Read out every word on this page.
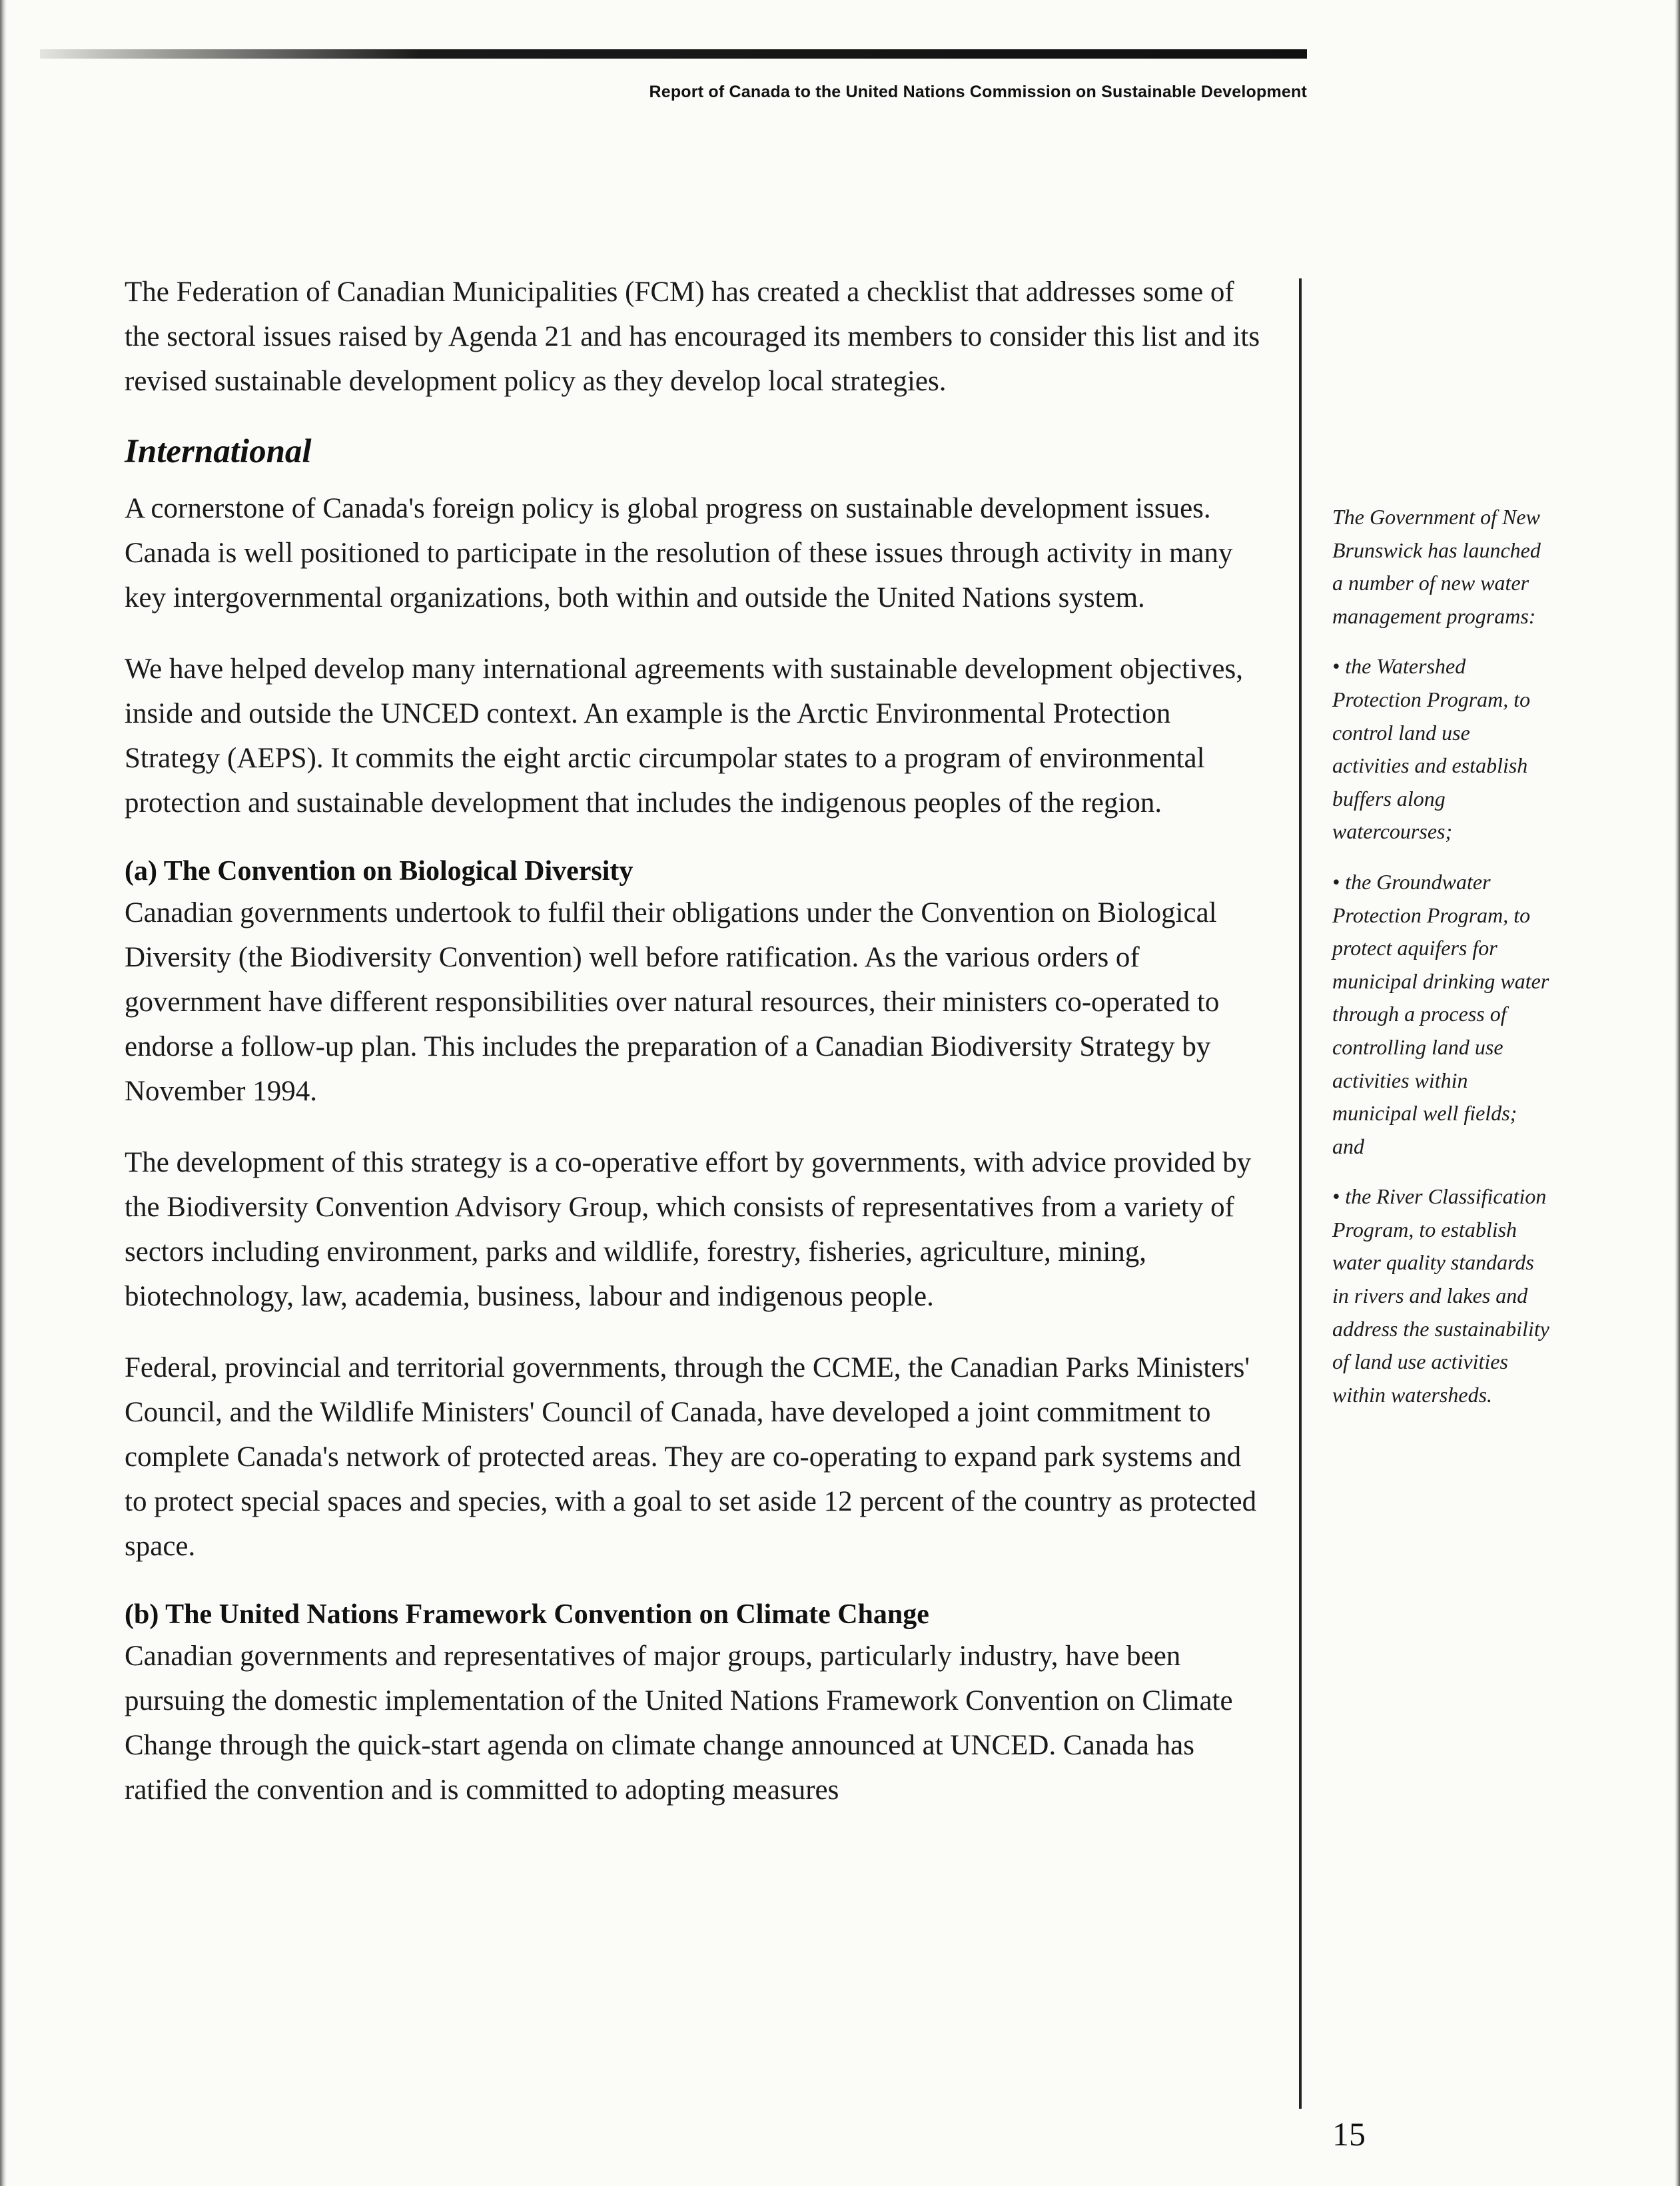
Report of Canada to the United Nations Commission on Sustainable Development

The Federation of Canadian Municipalities (FCM) has created a checklist that addresses some of the sectoral issues raised by Agenda 21 and has encouraged its members to consider this list and its revised sustainable development policy as they develop local strategies.

International

A cornerstone of Canada's foreign policy is global progress on sustainable development issues. Canada is well positioned to participate in the resolution of these issues through activity in many key intergovernmental organizations, both within and outside the United Nations system.

We have helped develop many international agreements with sustainable development objectives, inside and outside the UNCED context. An example is the Arctic Environmental Protection Strategy (AEPS). It commits the eight arctic circumpolar states to a program of environmental protection and sustainable development that includes the indigenous peoples of the region.

(a) The Convention on Biological Diversity

Canadian governments undertook to fulfil their obligations under the Convention on Biological Diversity (the Biodiversity Convention) well before ratification. As the various orders of government have different responsibilities over natural resources, their ministers co-operated to endorse a follow-up plan. This includes the preparation of a Canadian Biodiversity Strategy by November 1994.

The development of this strategy is a co-operative effort by governments, with advice provided by the Biodiversity Convention Advisory Group, which consists of representatives from a variety of sectors including environment, parks and wildlife, forestry, fisheries, agriculture, mining, biotechnology, law, academia, business, labour and indigenous people.

Federal, provincial and territorial governments, through the CCME, the Canadian Parks Ministers' Council, and the Wildlife Ministers' Council of Canada, have developed a joint commitment to complete Canada's network of protected areas. They are co-operating to expand park systems and to protect special spaces and species, with a goal to set aside 12 percent of the country as protected space.

(b) The United Nations Framework Convention on Climate Change

Canadian governments and representatives of major groups, particularly industry, have been pursuing the domestic implementation of the United Nations Framework Convention on Climate Change through the quick-start agenda on climate change announced at UNCED. Canada has ratified the convention and is committed to adopting measures

The Government of New Brunswick has launched a number of new water management programs:
• the Watershed Protection Program, to control land use activities and establish buffers along watercourses;
• the Groundwater Protection Program, to protect aquifers for municipal drinking water through a process of controlling land use activities within municipal well fields; and
• the River Classification Program, to establish water quality standards in rivers and lakes and address the sustainability of land use activities within watersheds.
15
